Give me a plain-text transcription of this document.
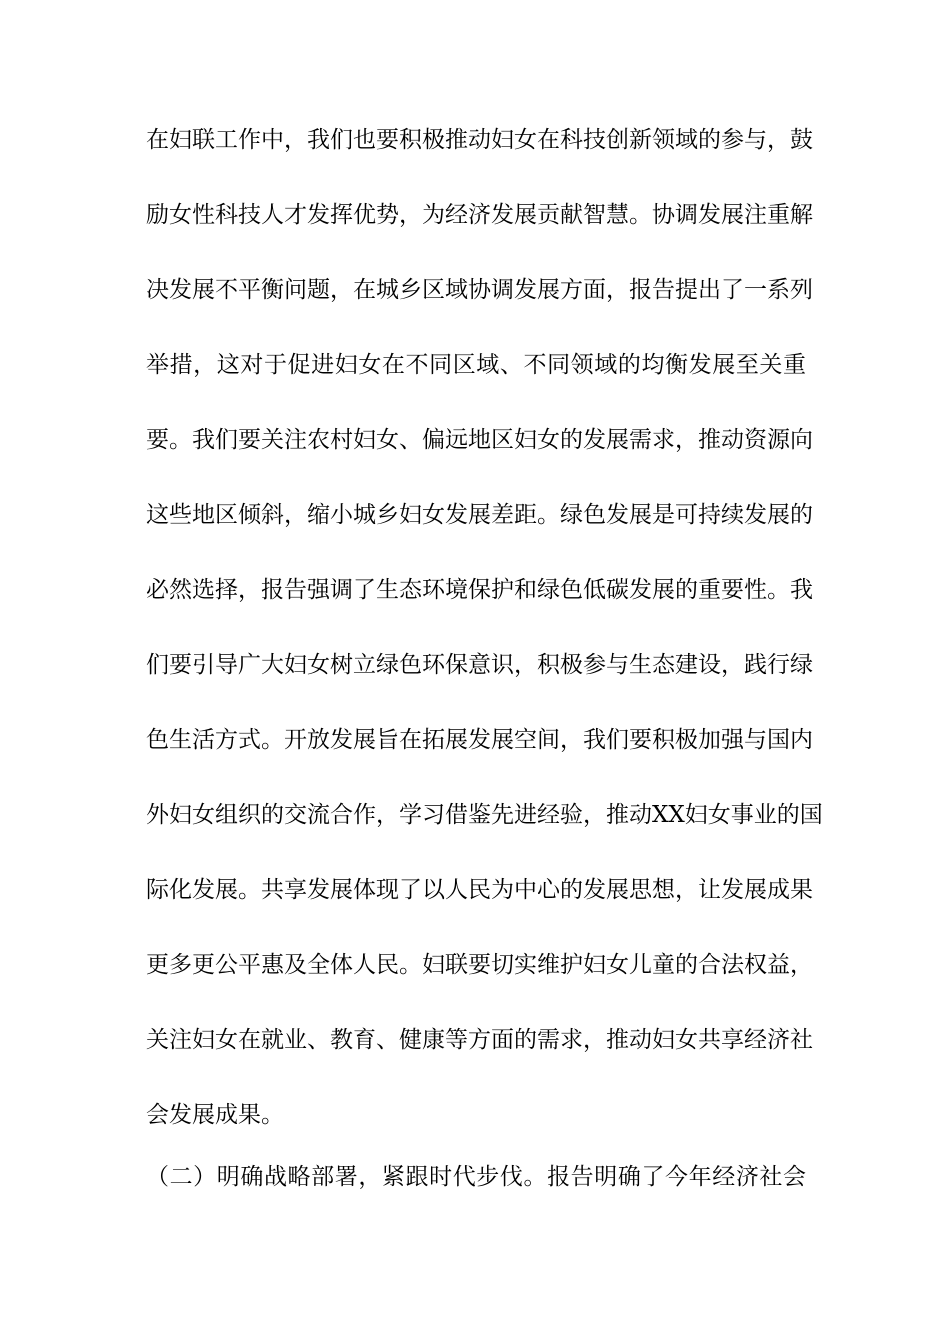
在妇联工作中，我们也要积极推动妇女在科技创新领域的参与，鼓
励女性科技人才发挥优势，为经济发展贡献智慧。协调发展注重解
决发展不平衡问题，在城乡区域协调发展方面，报告提出了一系列
举措，这对于促进妇女在不同区域、不同领域的均衡发展至关重
要。我们要关注农村妇女、偏远地区妇女的发展需求，推动资源向
这些地区倾斜，缩小城乡妇女发展差距。绿色发展是可持续发展的
必然选择，报告强调了生态环境保护和绿色低碳发展的重要性。我
们要引导广大妇女树立绿色环保意识，积极参与生态建设，践行绿
色生活方式。开放发展旨在拓展发展空间，我们要积极加强与国内
外妇女组织的交流合作，学习借鉴先进经验，推动XX妇女事业的国
际化发展。共享发展体现了以人民为中心的发展思想，让发展成果
更多更公平惠及全体人民。妇联要切实维护妇女儿童的合法权益，
关注妇女在就业、教育、健康等方面的需求，推动妇女共享经济社
会发展成果。
（二）明确战略部署，紧跟时代步伐。报告明确了今年经济社会
